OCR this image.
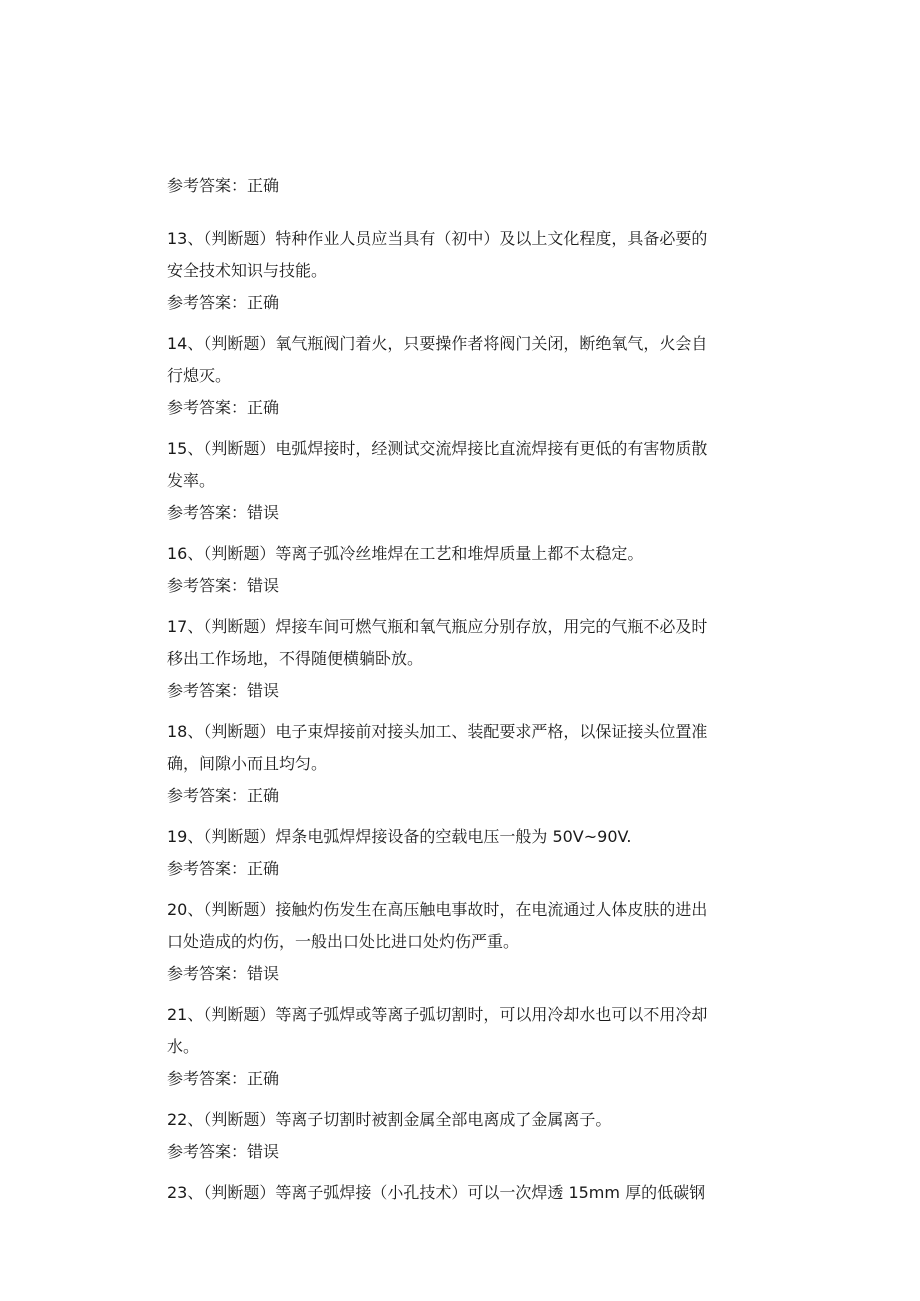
参考答案：正确
13、（判断题）特种作业人员应当具有（初中）及以上文化程度，具备必要的
安全技术知识与技能。
参考答案：正确
14、（判断题）氧气瓶阀门着火，只要操作者将阀门关闭，断绝氧气，火会自
行熄灭。
参考答案：正确
15、（判断题）电弧焊接时，经测试交流焊接比直流焊接有更低的有害物质散
发率。
参考答案：错误
16、（判断题）等离子弧冷丝堆焊在工艺和堆焊质量上都不太稳定。
参考答案：错误
17、（判断题）焊接车间可燃气瓶和氧气瓶应分别存放，用完的气瓶不必及时
移出工作场地，不得随便横躺卧放。
参考答案：错误
18、（判断题）电子束焊接前对接头加工、装配要求严格，以保证接头位置准
确，间隙小而且均匀。
参考答案：正确
19、（判断题）焊条电弧焊焊接设备的空载电压一般为 50V~90V.
参考答案：正确
20、（判断题）接触灼伤发生在高压触电事故时，在电流通过人体皮肤的进出
口处造成的灼伤，一般出口处比进口处灼伤严重。
参考答案：错误
21、（判断题）等离子弧焊或等离子弧切割时，可以用冷却水也可以不用冷却
水。
参考答案：正确
22、（判断题）等离子切割时被割金属全部电离成了金属离子。
参考答案：错误
23、（判断题）等离子弧焊接（小孔技术）可以一次焊透 15mm 厚的低碳钢
